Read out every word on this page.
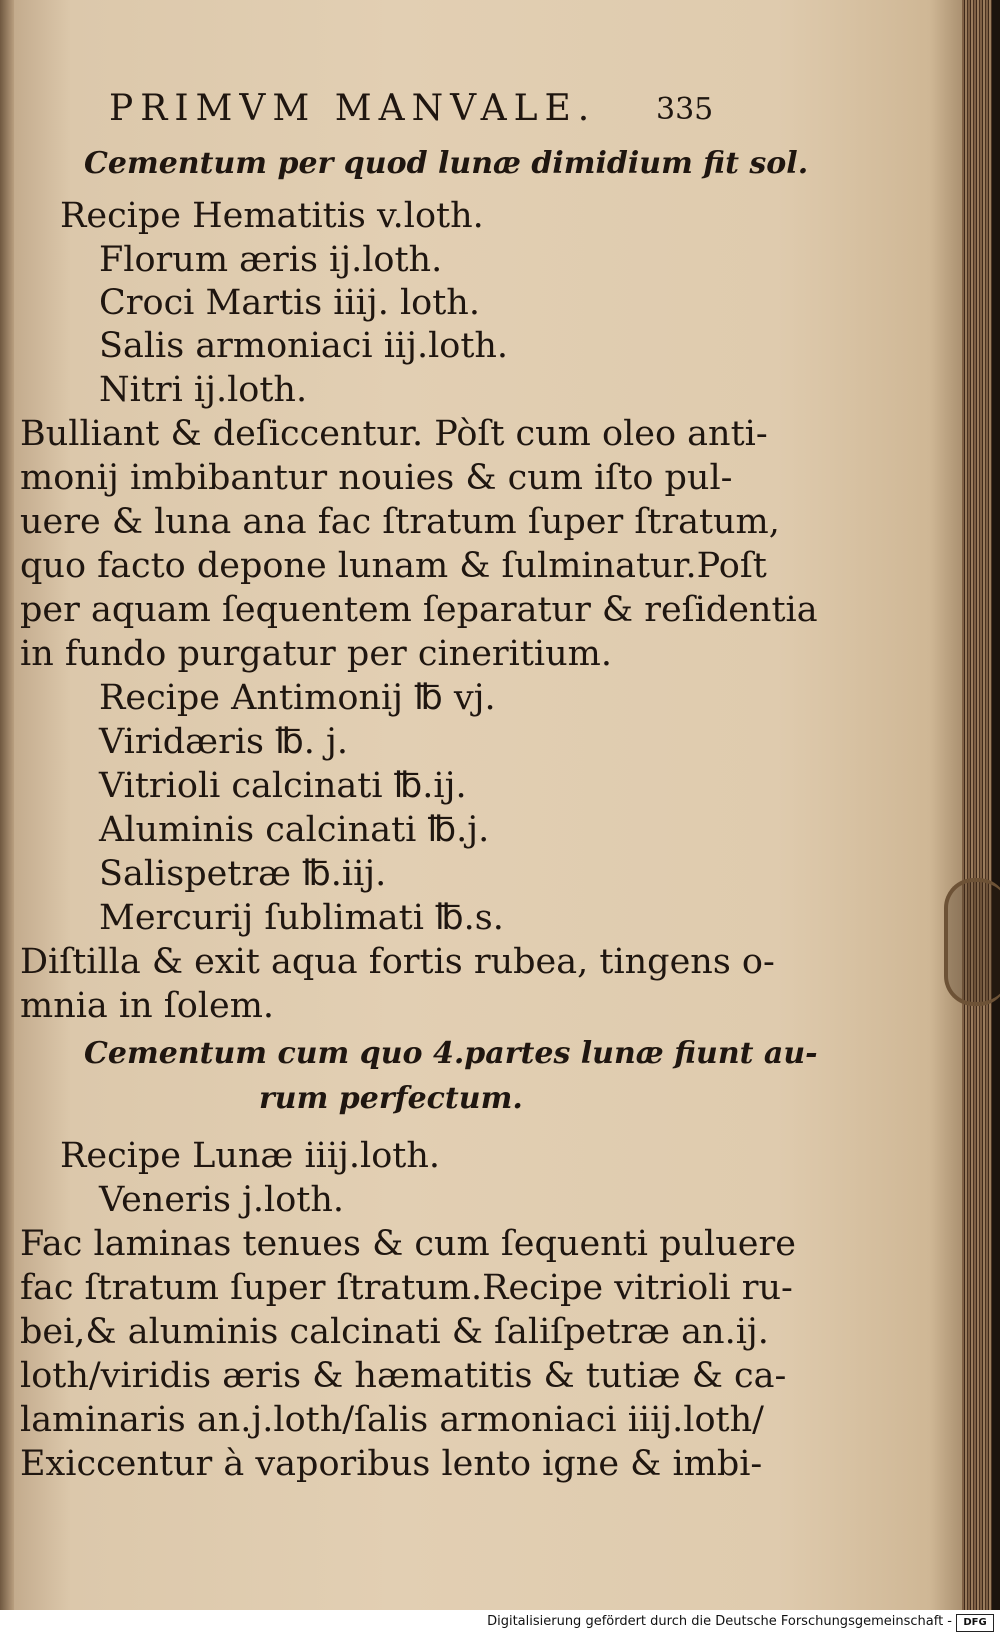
PRIMVM MANVALE. 335
Cementum per quod lunæ dimidium fit sol.
Recipe Hematitis v.loth.
Florum æris ij.loth.
Croci Martis iiij. loth.
Salis armoniaci iij.loth.
Nitri ij.loth.
Bulliant & deſiccentur. Pòſt cum oleo anti-
monij imbibantur nouies & cum iſto pul-
uere & luna ana fac ſtratum ſuper ſtratum,
quo facto depone lunam & ſulminatur.Poſt
per aquam ſequentem ſeparatur & reſidentia
in fundo purgatur per cineritium.
Recipe Antimonij ℔ vj.
Viridæris ℔. j.
Vitrioli calcinati ℔.ij.
Aluminis calcinati ℔.j.
Salispetræ ℔.iij.
Mercurij ſublimati ℔.s.
Diſtilla & exit aqua fortis rubea, tingens o-
mnia in ſolem.
Cementum cum quo 4.partes lunæ fiunt au-
rum perfectum.
Recipe Lunæ iiij.loth.
Veneris j.loth.
Fac laminas tenues & cum ſequenti puluere
fac ſtratum ſuper ſtratum.Recipe vitrioli ru-
bei,& aluminis calcinati & ſaliſpetræ an.ij.
loth/viridis æris & hæmatitis & tutiæ & ca-
laminaris an.j.loth/ſalis armoniaci iiij.loth/
Exiccentur à vaporibus lento igne & imbi-
Digitalisierung gefördert durch die Deutsche Forschungsgemeinschaft -	DFG
